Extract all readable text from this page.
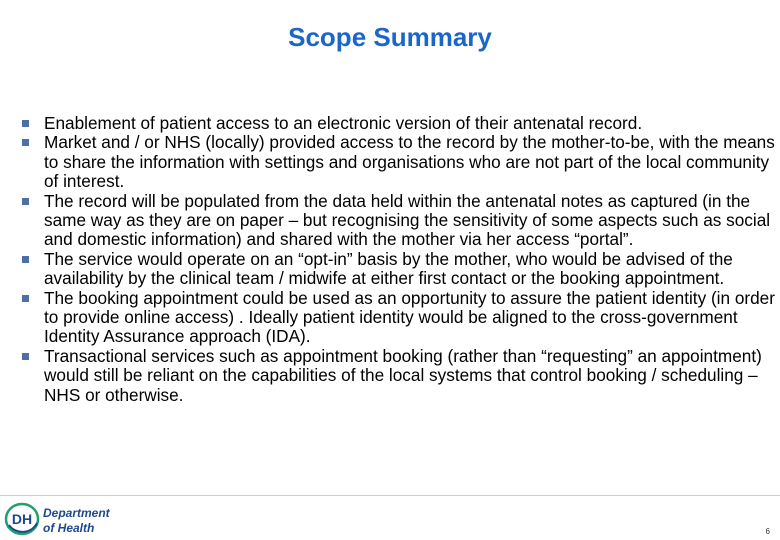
Scope Summary
Enablement of patient access to an electronic version of their antenatal record.
Market and / or NHS (locally) provided access to the record by the mother-to-be, with the means to share the information with settings and organisations who are not part of the local community of interest.
The record will be populated from the data held within the antenatal notes as captured (in the same way as they are on paper – but recognising the sensitivity of some aspects such as social and domestic information) and shared with the mother via her access “portal”.
The service would operate on an “opt-in” basis by the mother, who would be advised of the availability by the clinical team / midwife at either first contact or the booking appointment.
The booking appointment could be used as an opportunity to assure the patient identity (in order to provide online access) . Ideally patient identity would be aligned to the cross-government Identity Assurance approach (IDA).
Transactional services such as appointment booking (rather than “requesting” an appointment) would still be reliant on the capabilities of the local systems that control booking / scheduling – NHS or otherwise.
DH Department
of Health	6
